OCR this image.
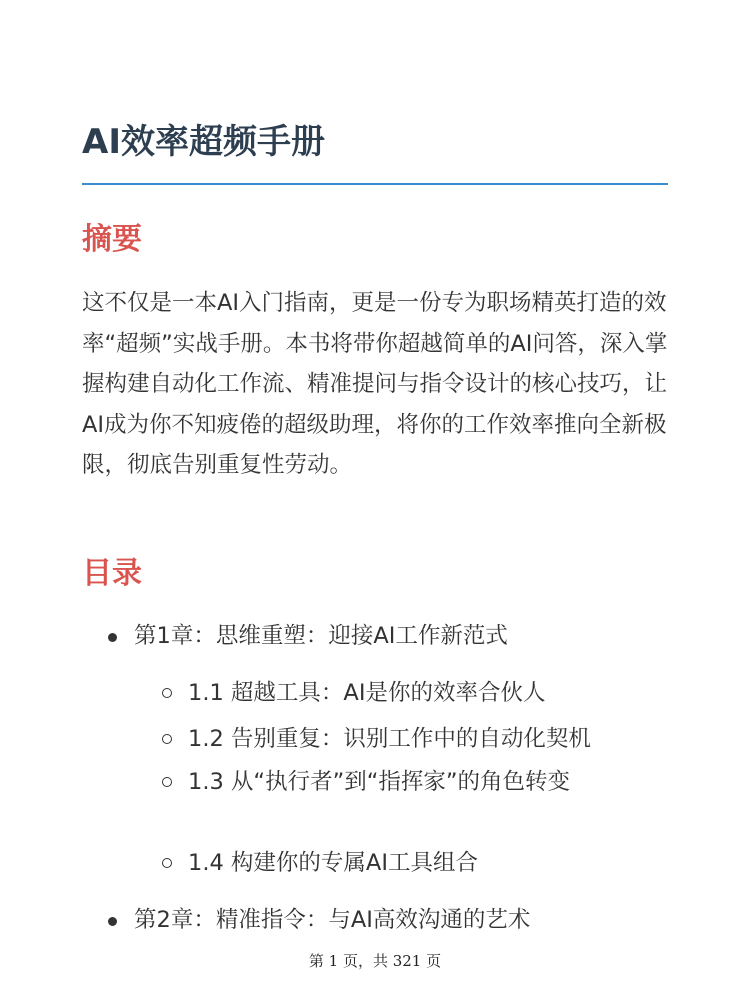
AI效率超频手册
摘要

这不仅是一本AI入门指南，更是一份专为职场精英打造的效率“超频”实战手册。本书将带你超越简单的AI问答，深入掌握构建自动化工作流、精准提问与指令设计的核心技巧，让AI成为你不知疲倦的超级助理，将你的工作效率推向全新极限，彻底告别重复性劳动。

目录
第1章：思维重塑：迎接AI工作新范式
1.1 超越工具：AI是你的效率合伙人
1.2 告别重复：识别工作中的自动化契机
1.3 从“执行者”到“指挥家”的角色转变
1.4 构建你的专属AI工具组合
第2章：精准指令：与AI高效沟通的艺术
第 1 页，共 321 页
